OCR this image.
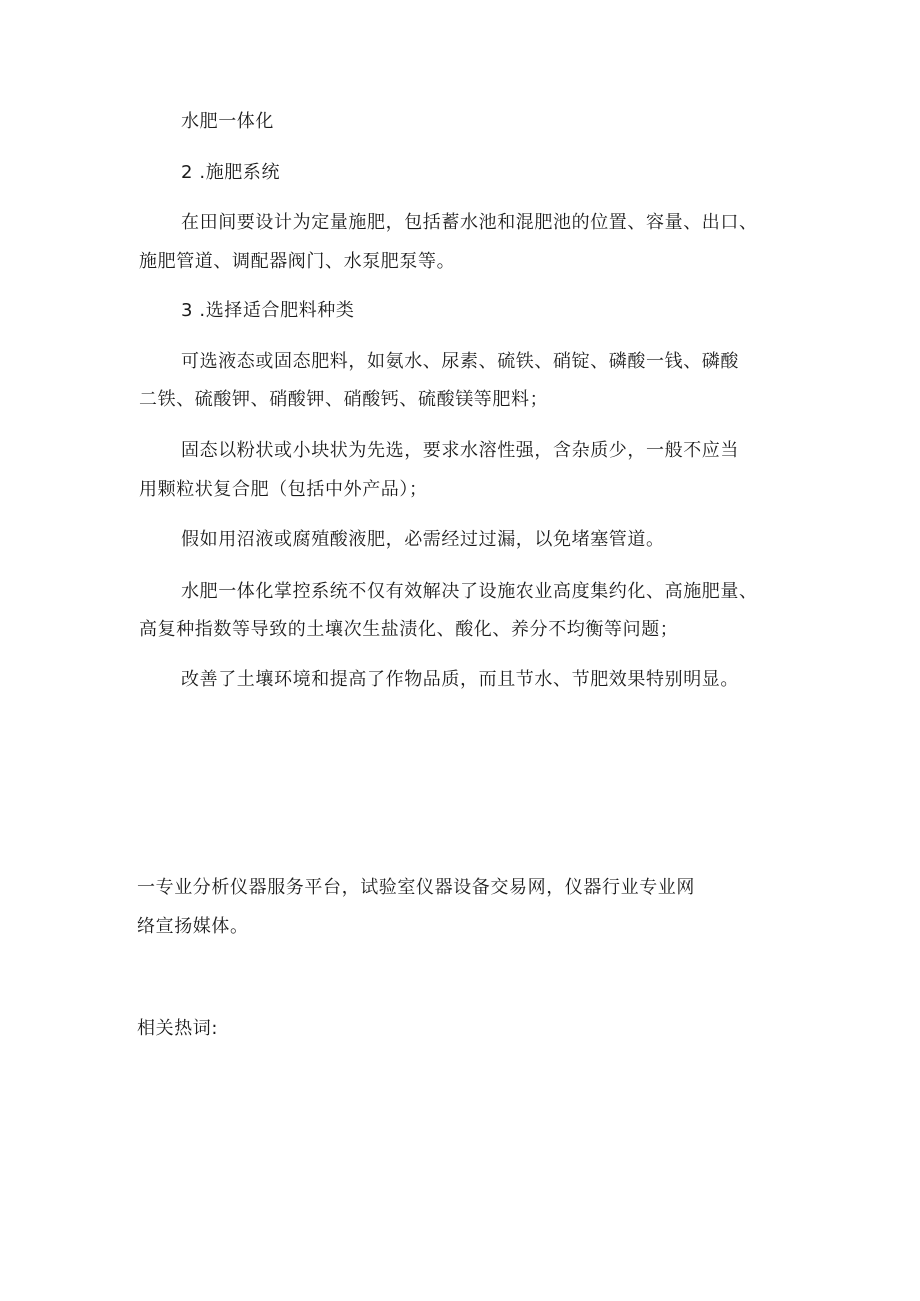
水肥一体化

2 .施肥系统

在田间要设计为定量施肥，包括蓄水池和混肥池的位置、容量、出口、

施肥管道、调配器阀门、水泵肥泵等。

3 .选择适合肥料种类

可选液态或固态肥料，如氨水、尿素、硫铁、硝锭、磷酸一钱、磷酸

二铁、硫酸钾、硝酸钾、硝酸钙、硫酸镁等肥料；

固态以粉状或小块状为先选，要求水溶性强，含杂质少，一般不应当

用颗粒状复合肥（包括中外产品）；

假如用沼液或腐殖酸液肥，必需经过过漏，以免堵塞管道。

水肥一体化掌控系统不仅有效解决了设施农业高度集约化、高施肥量、

高复种指数等导致的土壤次生盐渍化、酸化、养分不均衡等问题；

改善了土壤环境和提高了作物品质，而且节水、节肥效果特别明显。

一专业分析仪器服务平台，试验室仪器设备交易网，仪器行业专业网

络宣扬媒体。

相关热词:
